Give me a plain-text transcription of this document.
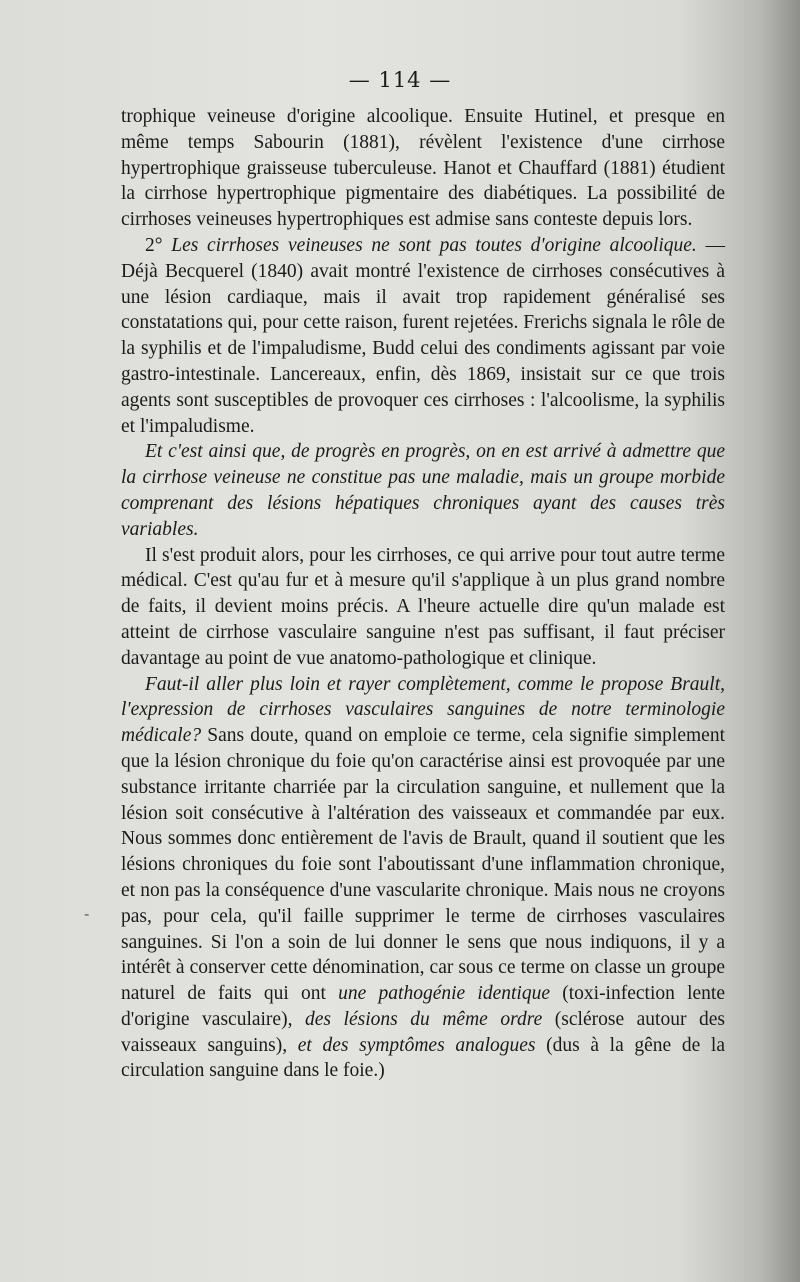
— 114 —
-

trophique veineuse d'origine alcoolique. Ensuite Hutinel, et presque en même temps Sabourin (1881), révèlent l'existence d'une cirrhose hypertrophique graisseuse tuberculeuse. Hanot et Chauffard (1881) étudient la cirrhose hypertrophique pigmentaire des diabétiques. La possibilité de cirrhoses veineuses hypertrophiques est admise sans conteste depuis lors.

2° Les cirrhoses veineuses ne sont pas toutes d'origine alcoolique. — Déjà Becquerel (1840) avait montré l'existence de cirrhoses consécutives à une lésion cardiaque, mais il avait trop rapidement généralisé ses constatations qui, pour cette raison, furent rejetées. Frerichs signala le rôle de la syphilis et de l'impaludisme, Budd celui des condiments agissant par voie gastro-intestinale. Lancereaux, enfin, dès 1869, insistait sur ce que trois agents sont susceptibles de provoquer ces cirrhoses : l'alcoolisme, la syphilis et l'impaludisme.

Et c'est ainsi que, de progrès en progrès, on en est arrivé à admettre que la cirrhose veineuse ne constitue pas une maladie, mais un groupe morbide comprenant des lésions hépatiques chroniques ayant des causes très variables.

Il s'est produit alors, pour les cirrhoses, ce qui arrive pour tout autre terme médical. C'est qu'au fur et à mesure qu'il s'applique à un plus grand nombre de faits, il devient moins précis. A l'heure actuelle dire qu'un malade est atteint de cirrhose vasculaire sanguine n'est pas suffisant, il faut préciser davantage au point de vue anatomo-pathologique et clinique.

Faut-il aller plus loin et rayer complètement, comme le propose Brault, l'expression de cirrhoses vasculaires sanguines de notre terminologie médicale? Sans doute, quand on emploie ce terme, cela signifie simplement que la lésion chronique du foie qu'on caractérise ainsi est provoquée par une substance irritante charriée par la circulation sanguine, et nullement que la lésion soit consécutive à l'altération des vaisseaux et commandée par eux. Nous sommes donc entièrement de l'avis de Brault, quand il soutient que les lésions chroniques du foie sont l'aboutissant d'une inflammation chronique, et non pas la conséquence d'une vascularite chronique. Mais nous ne croyons pas, pour cela, qu'il faille supprimer le terme de cirrhoses vasculaires sanguines. Si l'on a soin de lui donner le sens que nous indiquons, il y a intérêt à conserver cette dénomination, car sous ce terme on classe un groupe naturel de faits qui ont une pathogénie identique (toxi-infection lente d'origine vasculaire), des lésions du même ordre (sclérose autour des vaisseaux sanguins), et des symptômes analogues (dus à la gêne de la circulation sanguine dans le foie.)
